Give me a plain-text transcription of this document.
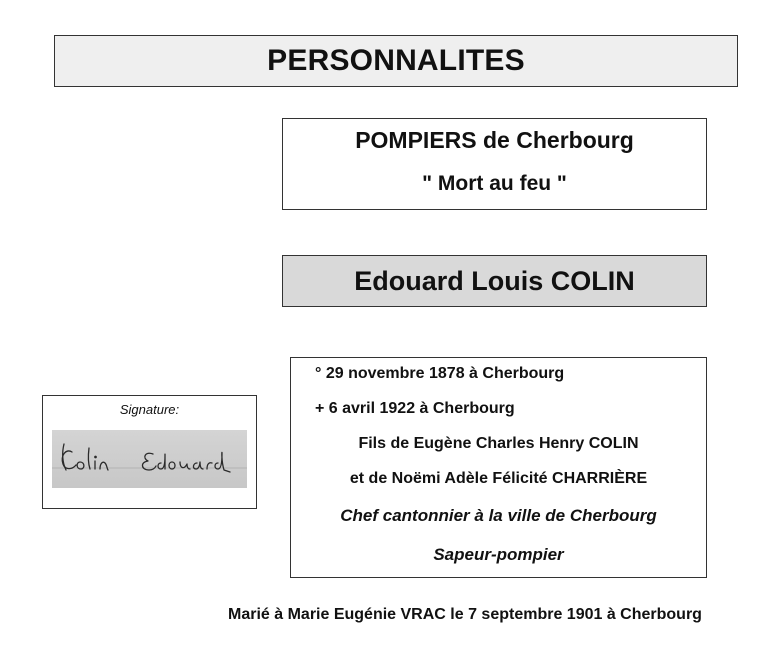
PERSONNALITES
POMPIERS de Cherbourg
" Mort au feu "
Edouard Louis COLIN
° 29 novembre 1878 à Cherbourg
+ 6 avril 1922 à Cherbourg
Fils de Eugène Charles Henry COLIN
et de Noëmi Adèle Félicité CHARRIÈRE
Chef cantonnier à la ville de Cherbourg
Sapeur-pompier
Signature:
Marié à Marie Eugénie VRAC le 7 septembre 1901 à Cherbourg
